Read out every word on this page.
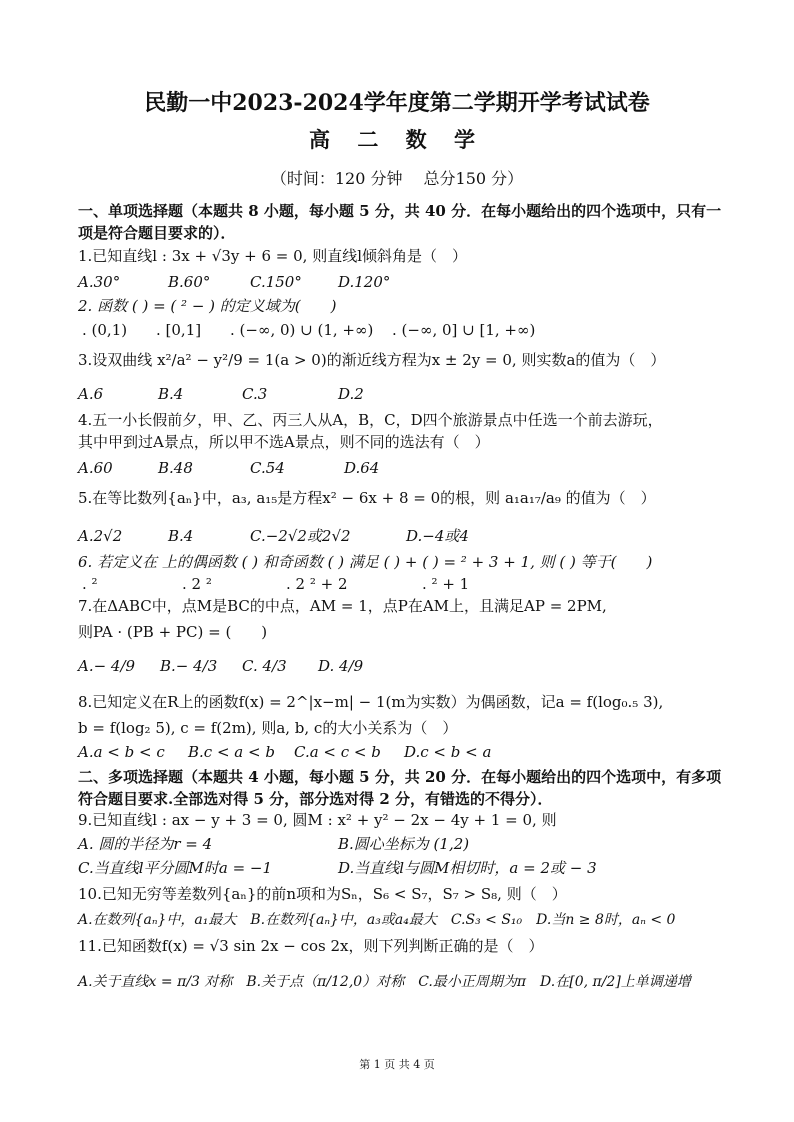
民勤一中2023-2024学年度第二学期开学考试试卷
高 二 数 学
（时间：120 分钟　 总分150 分）
一、单项选择题（本题共 8 小题，每小题 5 分，共 40 分．在每小题给出的四个选项中，只有一项是符合题目要求的）．
1.已知直线l : 3x + √3y + 6 = 0, 则直线l倾斜角是（　）
A.30°	B.60°	C.150° D.120°
2. 函数 ( ) = ( ² − ) 的定义域为(　　)
. (0,1) . [0,1] . (−∞, 0) ∪ (1, +∞) . (−∞, 0] ∪ [1, +∞)
3.设双曲线 x²/a² − y²/9 = 1(a > 0)的渐近线方程为x ± 2y = 0, 则实数a的值为（　）
A.6	B.4	C.3	D.2
4.五一小长假前夕，甲、乙、丙三人从A，B，C，D四个旅游景点中任选一个前去游玩，
其中甲到过A景点，所以甲不选A景点，则不同的选法有（　）
A.60	B.48	C.54	D.64
5.在等比数列{aₙ}中，a₃, a₁₅是方程x² − 6x + 8 = 0的根，则 a₁a₁₇/a₉ 的值为（　）
A.2√2	B.4	C.−2√2或2√2	D.−4或4
6. 若定义在 上的偶函数 ( ) 和奇函数 ( ) 满足 ( ) + ( ) = ² + 3 + 1, 则 ( ) 等于(　　)
. ²	. 2 ²	. 2 ² + 2	. ² + 1
7.在ΔABC中，点M是BC的中点，AM = 1，点P在AM上，且满足AP = 2PM,
则PA · (PB + PC) = (　　)
A.− 4/9 B.− 4/3 C. 4/3 D. 4/9
8.已知定义在R上的函数f(x) = 2^|x−m| − 1(m为实数）为偶函数，记a = f(log₀.₅ 3),
b = f(log₂ 5), c = f(2m), 则a, b, c的大小关系为（　）
A.a < b < c B.c < a < b C.a < c < b D.c < b < a
二、多项选择题（本题共 4 小题，每小题 5 分，共 20 分．在每小题给出的四个选项中，有多项符合题目要求.全部选对得 5 分，部分选对得 2 分，有错选的不得分）．
9.已知直线l : ax − y + 3 = 0, 圆M : x² + y² − 2x − 4y + 1 = 0, 则
A. 圆的半径为r = 4	B.圆心坐标为 (1,2)
C.当直线l平分圆M时a = −1	D.当直线l与圆M相切时，a = 2或 − 3
10.已知无穷等差数列{aₙ}的前n项和为Sₙ，S₆ < S₇，S₇ > S₈, 则（　）
A.在数列{aₙ}中，a₁最大　B.在数列{aₙ}中，a₃或a₄最大　C.S₃ < S₁₀　D.当n ≥ 8时，aₙ < 0
11.已知函数f(x) = √3 sin 2x − cos 2x，则下列判断正确的是（　）
A.关于直线x = π/3 对称　B.关于点（π/12,0）对称　C.最小正周期为π　D.在[0, π/2]上单调递增
第 1 页 共 4 页
